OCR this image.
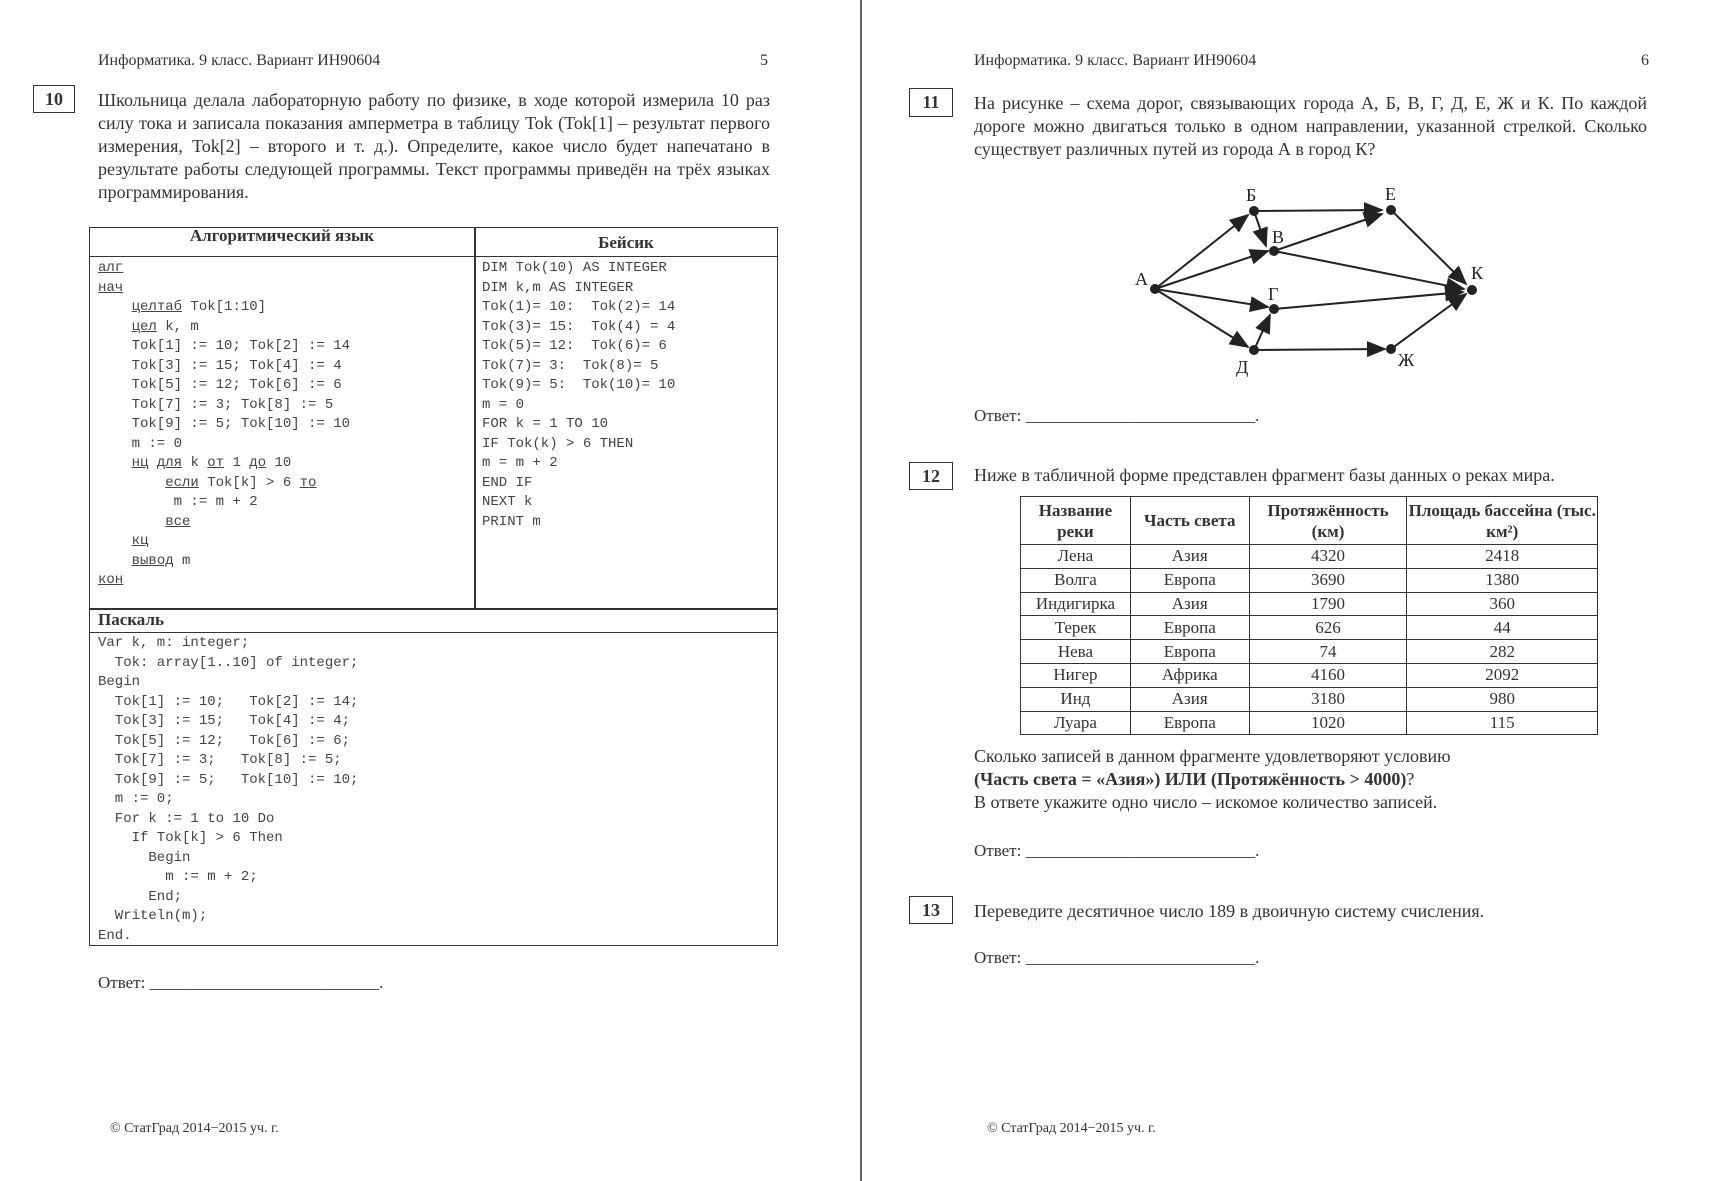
Информатика. 9 класс. Вариант ИН90604	5
10	Школьница делала лабораторную работу по физике, в ходе которой измерила 10 раз силу тока и записала показания амперметра в таблицу Tok (Tok[1] – результат первого измерения, Tok[2] – второго и т. д.). Определите, какое число будет напечатано в результате работы следующей программы. Текст программы приведён на трёх языках программирования.
Алгоритмический язык	Бейсик
Паскаль
алг
нач
целтаб Tok[1:10]
цел k, m
Tok[1] := 10; Tok[2] := 14
Tok[3] := 15; Tok[4] := 4
Tok[5] := 12; Tok[6] := 6
Tok[7] := 3; Tok[8] := 5
Tok[9] := 5; Tok[10] := 10
m := 0
нц для k от 1 до 10
если Tok[k] > 6 то
m := m + 2
все
кц
вывод m
кон
DIM Tok(10) AS INTEGER
DIM k,m AS INTEGER
Tok(1)= 10:  Tok(2)= 14
Tok(3)= 15:  Tok(4) = 4
Tok(5)= 12:  Tok(6)= 6
Tok(7)= 3:  Tok(8)= 5
Tok(9)= 5:  Tok(10)= 10
m = 0
FOR k = 1 TO 10
IF Tok(k) > 6 THEN
m = m + 2
END IF
NEXT k
PRINT m
Var k, m: integer;
Tok: array[1..10] of integer;
Begin
Tok[1] := 10;   Tok[2] := 14;
Tok[3] := 15;   Tok[4] := 4;
Tok[5] := 12;   Tok[6] := 6;
Tok[7] := 3;   Tok[8] := 5;
Tok[9] := 5;   Tok[10] := 10;
m := 0;
For k := 1 to 10 Do
If Tok[k] > 6 Then
Begin
m := m + 2;
End;
Writeln(m);
End.
Ответ: ___________________________.
© СтатГрад 2014−2015 уч. г.
Информатика. 9 класс. Вариант ИН90604	6
11	На рисунке – схема дорог, связывающих города А, Б, В, Г, Д, Е, Ж и К. По каждой дороге можно двигаться только в одном направлении, указанной стрелкой. Сколько существует различных путей из города А в город К?
А
Б
В
Е
К
Г
Д	Ж
Ответ: ___________________________.
12	Ниже в табличной форме представлен фрагмент базы данных о реках мира.
Название реки	Часть света	Протяжённость (км)	Площадь бассейна (тыс. км²)
Лена	Азия	4320	2418
Волга	Европа	3690	1380
Индигирка	Азия	1790	360
Терек	Европа	626	44
Нева	Европа	74	282
Нигер	Африка	4160	2092
Инд	Азия	3180	980
Луара	Европа	1020	115
Сколько записей в данном фрагменте удовлетворяют условию
(Часть света = «Азия») ИЛИ (Протяжённость > 4000)?
В ответе укажите одно число – искомое количество записей.
Ответ: ___________________________.
13	Переведите десятичное число 189 в двоичную систему счисления.
Ответ: ___________________________.
© СтатГрад 2014−2015 уч. г.
